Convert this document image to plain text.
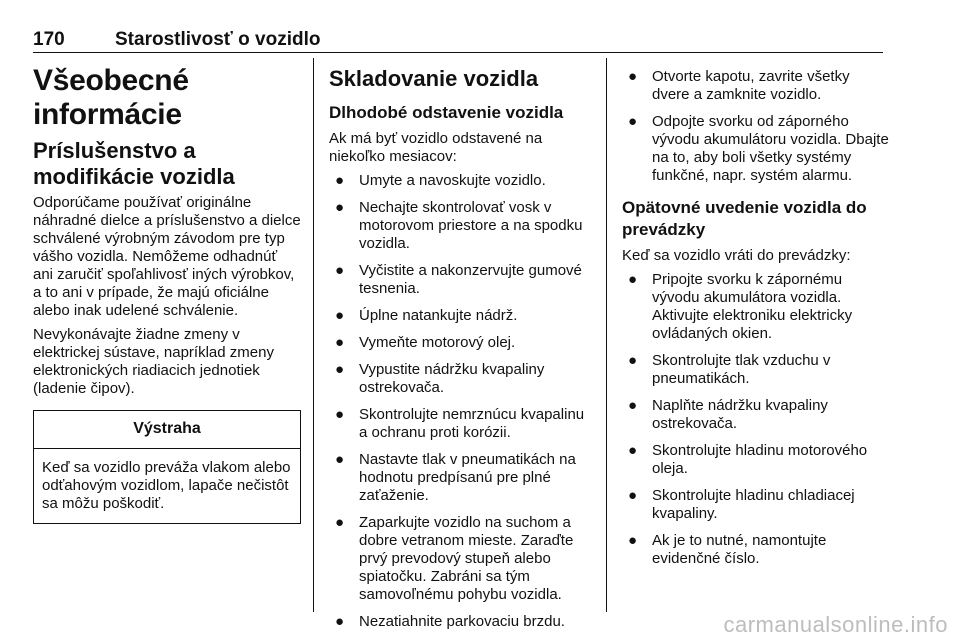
170	Starostlivosť o vozidlo
Všeobecné informácie
Príslušenstvo a modifikácie vozidla

Odporúčame používať originálne náhradné dielce a príslušenstvo a dielce schválené výrobným závodom pre typ vášho vozidla. Nemôžeme odhadnúť ani zaručiť spoľahlivosť iných výrobkov, a to ani v prípade, že majú oficiálne alebo inak udelené schválenie.

Nevykonávajte žiadne zmeny v elektrickej sústave, napríklad zmeny elektronických riadiacich jednotiek (ladenie čipov).

Výstraha
Keď sa vozidlo preváža vlakom alebo odťahovým vozidlom, lapače nečistôt sa môžu poškodiť.
Skladovanie vozidla
Dlhodobé odstavenie vozidla

Ak má byť vozidlo odstavené na niekoľko mesiacov:

● Umyte a navoskujte vozidlo.
● Nechajte skontrolovať vosk v motorovom priestore a na spodku vozidla.
● Vyčistite a nakonzervujte gumové tesnenia.
● Úplne natankujte nádrž.
● Vymeňte motorový olej.
● Vypustite nádržku kvapaliny ostrekovača.
● Skontrolujte nemrznúcu kvapalinu a ochranu proti korózii.
● Nastavte tlak v pneumatikách na hodnotu predpísanú pre plné zaťaženie.
● Zaparkujte vozidlo na suchom a dobre vetranom mieste. Zaraďte prvý prevodový stupeň alebo spiatočku. Zabráni sa tým samovoľnému pohybu vozidla.
● Nezatiahnite parkovaciu brzdu.
● Otvorte kapotu, zavrite všetky dvere a zamknite vozidlo.
● Odpojte svorku od záporného vývodu akumulátoru vozidla. Dbajte na to, aby boli všetky systémy funkčné, napr. systém alarmu.
Opätovné uvedenie vozidla do prevádzky

Keď sa vozidlo vráti do prevádzky:

● Pripojte svorku k zápornému vývodu akumulátora vozidla. Aktivujte elektroniku elektricky ovládaných okien.
● Skontrolujte tlak vzduchu v pneumatikách.
● Naplňte nádržku kvapaliny ostrekovača.
● Skontrolujte hladinu motorového oleja.
● Skontrolujte hladinu chladiacej kvapaliny.
● Ak je to nutné, namontujte evidenčné číslo.
carmanualsonline.info
